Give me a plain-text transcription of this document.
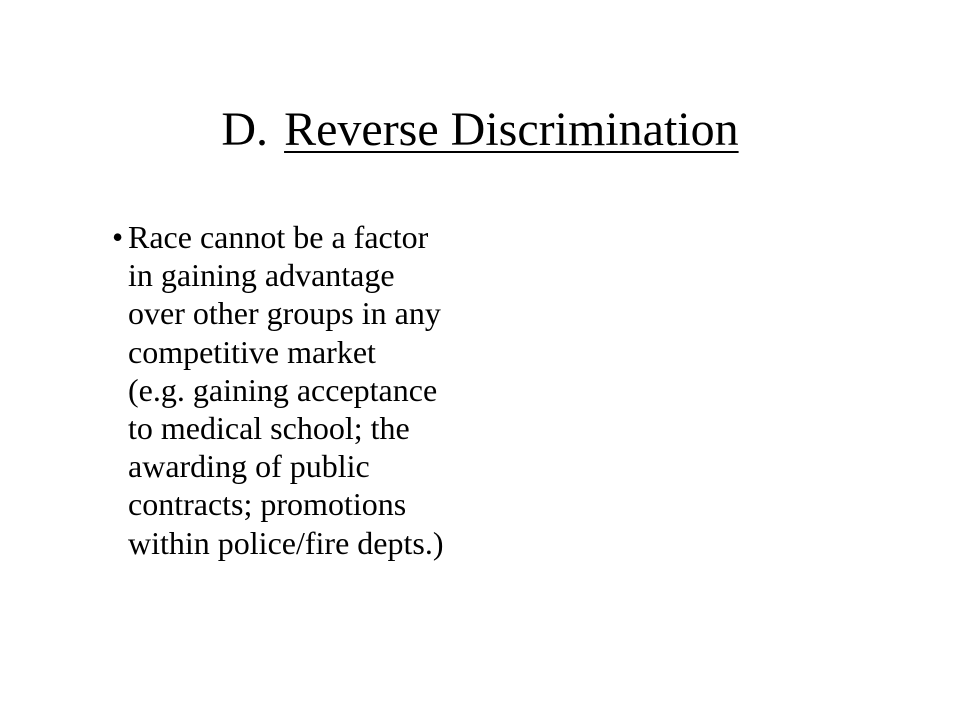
D. Reverse Discrimination
• Race cannot be a factor
in gaining advantage
over other groups in any
competitive market
(e.g. gaining acceptance
to medical school; the
awarding of public
contracts; promotions
within police/fire depts.)
